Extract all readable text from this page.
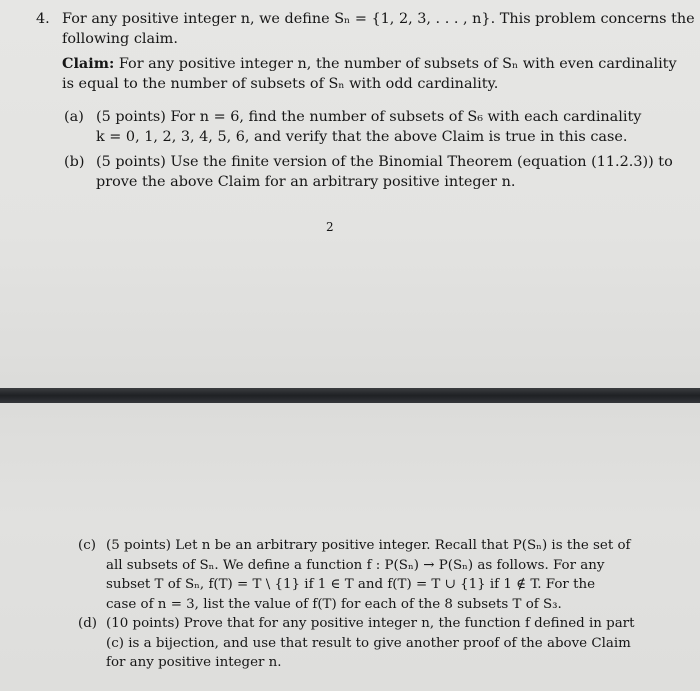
4. For any positive integer n, we define Sₙ = {1, 2, 3, . . . , n}. This problem concerns the
following claim.
Claim: For any positive integer n, the number of subsets of Sₙ with even cardinality
is equal to the number of subsets of Sₙ with odd cardinality.
(a) (5 points) For n = 6, find the number of subsets of S₆ with each cardinality
k = 0, 1, 2, 3, 4, 5, 6, and verify that the above Claim is true in this case.
(b) (5 points) Use the finite version of the Binomial Theorem (equation (11.2.3)) to
prove the above Claim for an arbitrary positive integer n.
2
(c) (5 points) Let n be an arbitrary positive integer. Recall that P(Sₙ) is the set of
all subsets of Sₙ. We define a function f : P(Sₙ) → P(Sₙ) as follows. For any
subset T of Sₙ, f(T) = T \ {1} if 1 ∈ T and f(T) = T ∪ {1} if 1 ∉ T. For the
case of n = 3, list the value of f(T) for each of the 8 subsets T of S₃.
(d) (10 points) Prove that for any positive integer n, the function f defined in part
(c) is a bijection, and use that result to give another proof of the above Claim
for any positive integer n.
